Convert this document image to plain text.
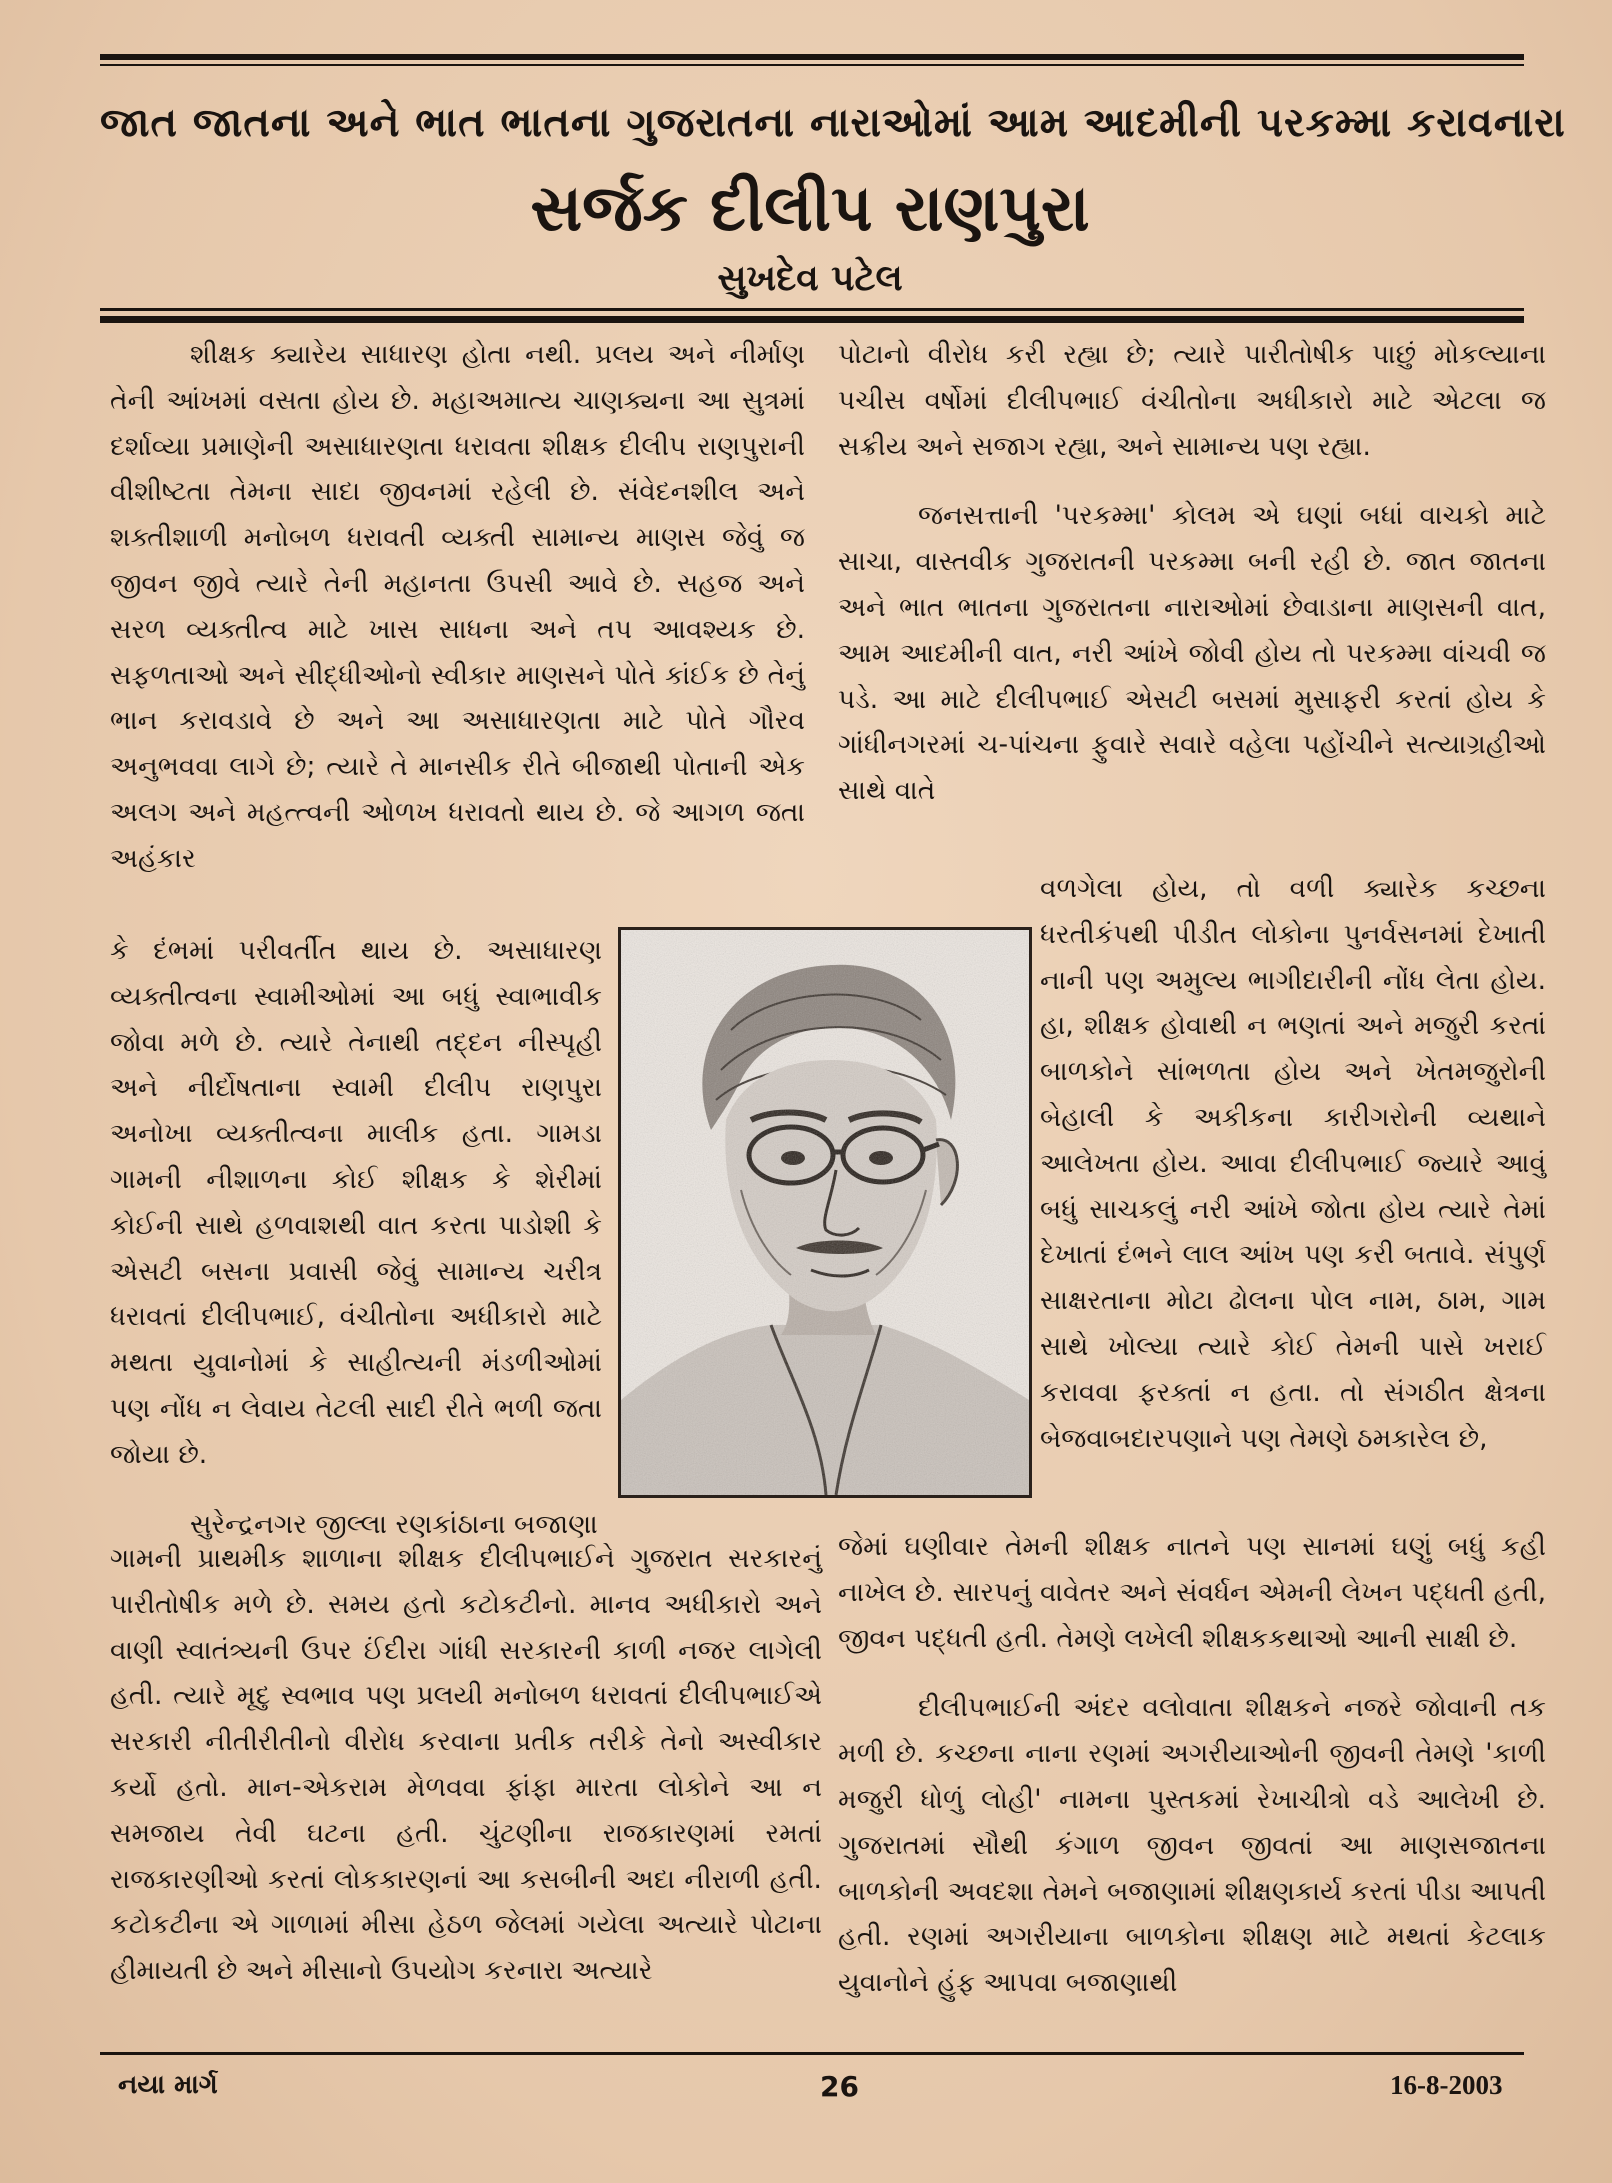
જાત જાતના અને ભાત ભાતના ગુજરાતના નારાઓમાં આમ આદમીની પરકમ્મા કરાવનારા
સર્જક દીલીપ રાણપુરા
સુખદેવ પટેલ

શીક્ષક ક્યારેય સાધારણ હોતા નથી. પ્રલય અને નીર્માણ તેની આંખમાં વસતા હોય છે. મહાઅમાત્ય ચાણક્યના આ સુત્રમાં દર્શાવ્યા પ્રમાણેની અસાધારણતા ધરાવતા શીક્ષક દીલીપ રાણપુરાની વીશીષ્ટતા તેમના સાદા જીવનમાં રહેલી છે. સંવેદનશીલ અને શક્તીશાળી મનોબળ ધરાવતી વ્યક્તી સામાન્ય માણસ જેવું જ જીવન જીવે ત્યારે તેની મહાનતા ઉપસી આવે છે. સહજ અને સરળ વ્યક્તીત્વ માટે ખાસ સાધના અને તપ આવશ્યક છે. સફળતાઓ અને સીદ્ધીઓનો સ્વીકાર માણસને પોતે કાંઈક છે તેનું ભાન કરાવડાવે છે અને આ અસાધારણતા માટે પોતે ગૌરવ અનુભવવા લાગે છે; ત્યારે તે માનસીક રીતે બીજાથી પોતાની એક અલગ અને મહત્ત્વની ઓળખ ધરાવતો થાય છે. જે આગળ જતા અહંકાર

કે દંભમાં પરીવર્તીત થાય છે. અસાધારણ વ્યક્તીત્વના સ્વામીઓમાં આ બધું સ્વાભાવીક જોવા મળે છે. ત્યારે તેનાથી તદ્દન નીસ્પૃહી અને નીર્દોષતાના સ્વામી દીલીપ રાણપુરા અનોખા વ્યક્તીત્વના માલીક હતા. ગામડા ગામની નીશાળના કોઈ શીક્ષક કે શેરીમાં કોઈની સાથે હળવાશથી વાત કરતા પાડોશી કે એસટી બસના પ્રવાસી જેવું સામાન્ય ચરીત્ર ધરાવતાં દીલીપભાઈ, વંચીતોના અધીકારો માટે મથતા યુવાનોમાં કે સાહીત્યની મંડળીઓમાં પણ નોંધ ન લેવાય તેટલી સાદી રીતે ભળી જતા જોયા છે.

સુરેન્દ્રનગર જીલ્લા રણકાંઠાના બજાણા

ગામની પ્રાથમીક શાળાના શીક્ષક દીલીપભાઈને ગુજરાત સરકારનું પારીતોષીક મળે છે. સમય હતો કટોકટીનો. માનવ અધીકારો અને વાણી સ્વાતંત્ર્યની ઉપર ઈંદીરા ગાંધી સરકારની કાળી નજર લાગેલી હતી. ત્યારે મૃદુ સ્વભાવ પણ પ્રલયી મનોબળ ધરાવતાં દીલીપભાઈએ સરકારી નીતીરીતીનો વીરોધ કરવાના પ્રતીક તરીકે તેનો અસ્વીકાર કર્યો હતો. માન-એકરામ મેળવવા ફાંફા મારતા લોકોને આ ન સમજાય તેવી ઘટના હતી. ચુંટણીના રાજકારણમાં રમતાં રાજકારણીઓ કરતાં લોકકારણનાં આ કસબીની અદા નીરાળી હતી. કટોકટીના એ ગાળામાં મીસા હેઠળ જેલમાં ગયેલા અત્યારે પોટાના હીમાયતી છે અને મીસાનો ઉપયોગ કરનારા અત્યારે

પોટાનો વીરોધ કરી રહ્યા છે; ત્યારે પારીતોષીક પાછું મોકલ્યાના પચીસ વર્ષોમાં દીલીપભાઈ વંચીતોના અધીકારો માટે એટલા જ સક્રીય અને સજાગ રહ્યા, અને સામાન્ય પણ રહ્યા.

જનસત્તાની 'પરકમ્મા' કોલમ એ ઘણાં બધાં વાચકો માટે સાચા, વાસ્તવીક ગુજરાતની પરકમ્મા બની રહી છે. જાત જાતના અને ભાત ભાતના ગુજરાતના નારાઓમાં છેવાડાના માણસની વાત, આમ આદમીની વાત, નરી આંખે જોવી હોય તો પરકમ્મા વાંચવી જ પડે. આ માટે દીલીપભાઈ એસટી બસમાં મુસાફરી કરતાં હોય કે ગાંધીનગરમાં ચ-પાંચના ફુવારે સવારે વહેલા પહોંચીને સત્યાગ્રહીઓ સાથે વાતે

વળગેલા હોય, તો વળી ક્યારેક કચ્છના ધરતીકંપથી પીડીત લોકોના પુનર્વસનમાં દેખાતી નાની પણ અમુલ્ય ભાગીદારીની નોંધ લેતા હોય. હા, શીક્ષક હોવાથી ન ભણતાં અને મજુરી કરતાં બાળકોને સાંભળતા હોય અને ખેતમજુરોની બેહાલી કે અકીકના કારીગરોની વ્યથાને આલેખતા હોય. આવા દીલીપભાઈ જ્યારે આવું બધું સાચકલું નરી આંખે જોતા હોય ત્યારે તેમાં દેખાતાં દંભને લાલ આંખ પણ કરી બતાવે. સંપુર્ણ સાક્ષરતાના મોટા ઢોલના પોલ નામ, ઠામ, ગામ સાથે ખોલ્યા ત્યારે કોઈ તેમની પાસે ખરાઈ કરાવવા ફરક્તાં ન હતા. તો સંગઠીત ક્ષેત્રના બેજવાબદારપણાને પણ તેમણે ઠમકારેલ છે,

જેમાં ઘણીવાર તેમની શીક્ષક નાતને પણ સાનમાં ઘણું બધું કહી નાખેલ છે. સારપનું વાવેતર અને સંવર્ધન એમની લેખન પદ્ધતી હતી, જીવન પદ્ધતી હતી. તેમણે લખેલી શીક્ષકકથાઓ આની સાક્ષી છે.

દીલીપભાઈની અંદર વલોવાતા શીક્ષકને નજરે જોવાની તક મળી છે. કચ્છના નાના રણમાં અગરીયાઓની જીવની તેમણે 'કાળી મજુરી ધોળું લોહી' નામના પુસ્તકમાં રેખાચીત્રો વડે આલેખી છે. ગુજરાતમાં સૌથી કંગાળ જીવન જીવતાં આ માણસજાતના બાળકોની અવદશા તેમને બજાણામાં શીક્ષણકાર્ય કરતાં પીડા આપતી હતી. રણમાં અગરીયાના બાળકોના શીક્ષણ માટે મથતાં કેટલાક યુવાનોને હુંફ આપવા બજાણાથી

નયા માર્ગ	26	16-8-2003
